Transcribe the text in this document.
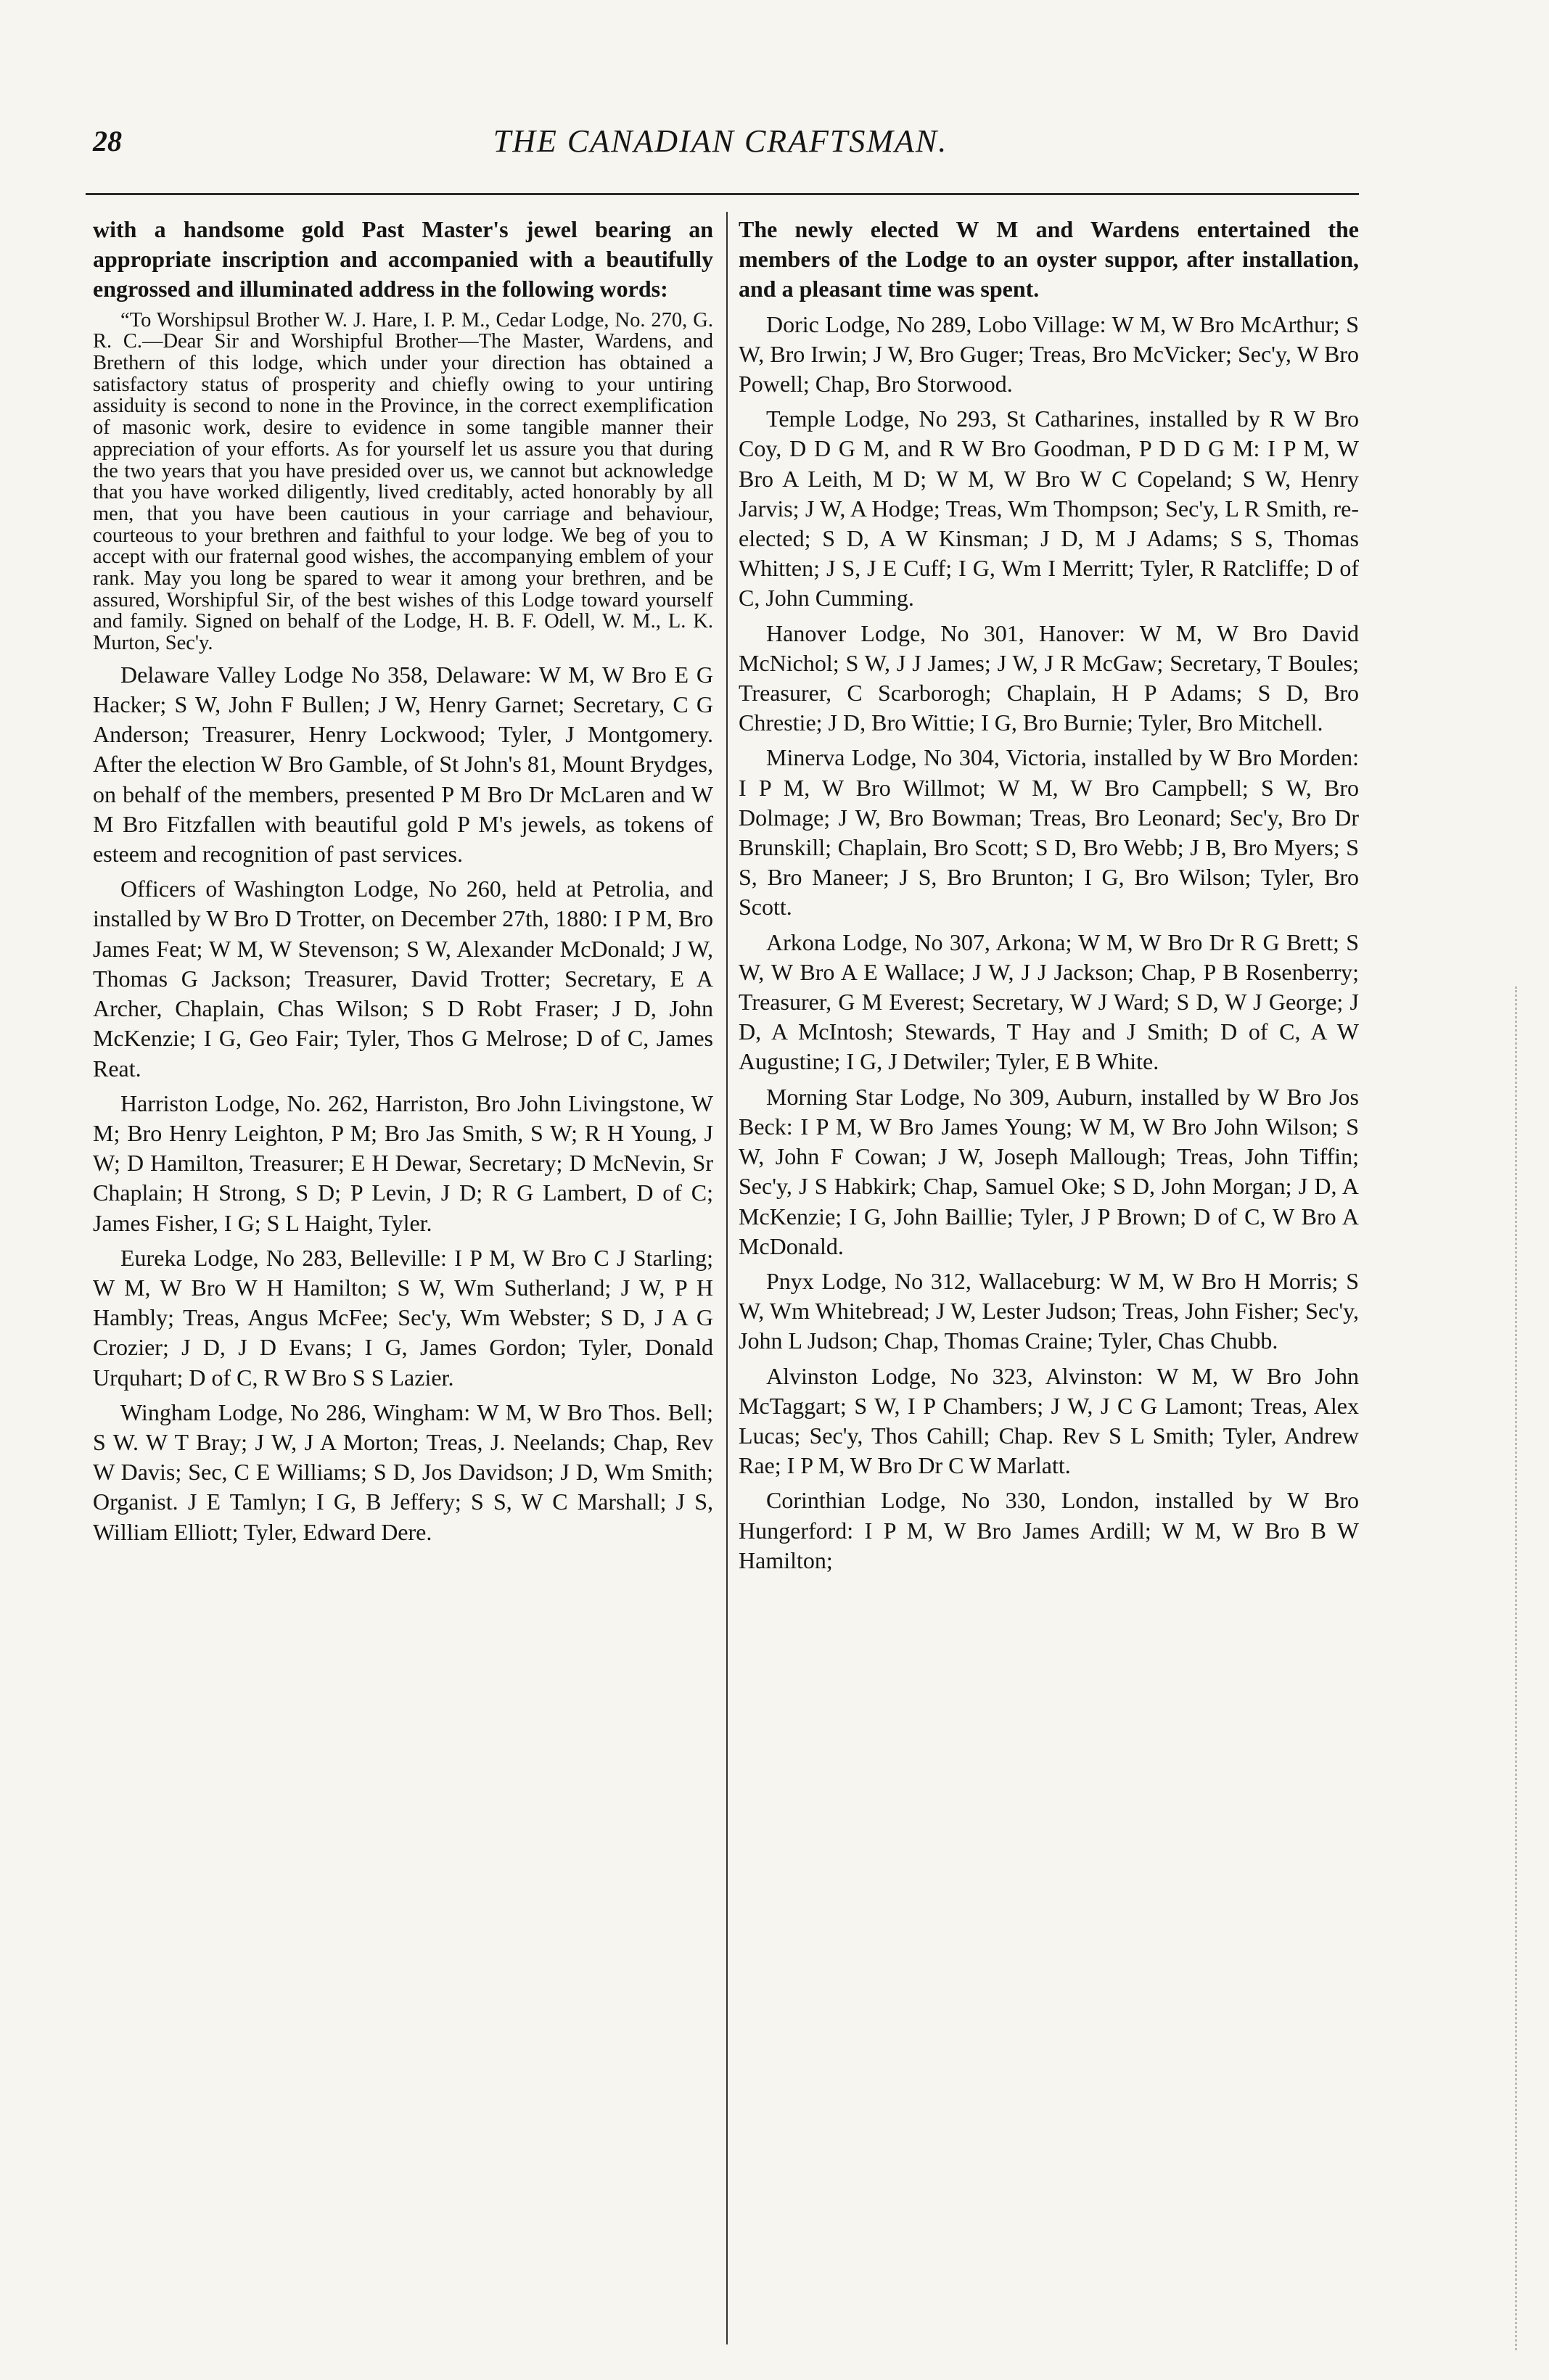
28	THE CANADIAN CRAFTSMAN.

with a handsome gold Past Master's jewel bearing an appropriate inscription and accompanied with a beautifully engrossed and illuminated address in the following words:

“To Worshipsul Brother W. J. Hare, I. P. M., Cedar Lodge, No. 270, G. R. C.—Dear Sir and Worshipful Brother—The Master, Wardens, and Brethern of this lodge, which under your direction has obtained a satisfactory status of prosperity and chiefly owing to your untiring assiduity is second to none in the Province, in the correct exemplification of masonic work, desire to evidence in some tangible manner their appreciation of your efforts. As for yourself let us assure you that during the two years that you have presided over us, we cannot but acknowledge that you have worked diligently, lived creditably, acted honorably by all men, that you have been cautious in your carriage and behaviour, courteous to your brethren and faithful to your lodge. We beg of you to accept with our fraternal good wishes, the accompanying emblem of your rank. May you long be spared to wear it among your brethren, and be assured, Worshipful Sir, of the best wishes of this Lodge toward yourself and family. Signed on behalf of the Lodge, H. B. F. Odell, W. M., L. K. Murton, Sec'y.

Delaware Valley Lodge No 358, Delaware: W M, W Bro E G Hacker; S W, John F Bullen; J W, Henry Garnet; Secretary, C G Anderson; Treasurer, Henry Lockwood; Tyler, J Montgomery. After the election W Bro Gamble, of St John's 81, Mount Brydges, on behalf of the members, presented P M Bro Dr McLaren and W M Bro Fitzfallen with beautiful gold P M's jewels, as tokens of esteem and recognition of past services.

Officers of Washington Lodge, No 260, held at Petrolia, and installed by W Bro D Trotter, on December 27th, 1880: I P M, Bro James Feat; W M, W Stevenson; S W, Alexander McDonald; J W, Thomas G Jackson; Treasurer, David Trotter; Secretary, E A Archer, Chaplain, Chas Wilson; S D Robt Fraser; J D, John McKenzie; I G, Geo Fair; Tyler, Thos G Melrose; D of C, James Reat.

Harriston Lodge, No. 262, Harriston, Bro John Livingstone, W M; Bro Henry Leighton, P M; Bro Jas Smith, S W; R H Young, J W; D Hamilton, Treasurer; E H Dewar, Secretary; D McNevin, Sr Chaplain; H Strong, S D; P Levin, J D; R G Lambert, D of C; James Fisher, I G; S L Haight, Tyler.

Eureka Lodge, No 283, Belleville: I P M, W Bro C J Starling; W M, W Bro W H Hamilton; S W, Wm Sutherland; J W, P H Hambly; Treas, Angus McFee; Sec'y, Wm Webster; S D, J A G Crozier; J D, J D Evans; I G, James Gordon; Tyler, Donald Urquhart; D of C, R W Bro S S Lazier.

Wingham Lodge, No 286, Wingham: W M, W Bro Thos. Bell; S W. W T Bray; J W, J A Morton; Treas, J. Neelands; Chap, Rev W Davis; Sec, C E Williams; S D, Jos Davidson; J D, Wm Smith; Organist. J E Tamlyn; I G, B Jeffery; S S, W C Marshall; J S, William Elliott; Tyler, Edward Dere.

The newly elected W M and Wardens entertained the members of the Lodge to an oyster suppor, after installation, and a pleasant time was spent.

Doric Lodge, No 289, Lobo Village: W M, W Bro McArthur; S W, Bro Irwin; J W, Bro Guger; Treas, Bro McVicker; Sec'y, W Bro Powell; Chap, Bro Storwood.

Temple Lodge, No 293, St Catharines, installed by R W Bro Coy, D D G M, and R W Bro Goodman, P D D G M: I P M, W Bro A Leith, M D; W M, W Bro W C Copeland; S W, Henry Jarvis; J W, A Hodge; Treas, Wm Thompson; Sec'y, L R Smith, re-elected; S D, A W Kinsman; J D, M J Adams; S S, Thomas Whitten; J S, J E Cuff; I G, Wm I Merritt; Tyler, R Ratcliffe; D of C, John Cumming.

Hanover Lodge, No 301, Hanover: W M, W Bro David McNichol; S W, J J James; J W, J R McGaw; Secretary, T Boules; Treasurer, C Scarborogh; Chaplain, H P Adams; S D, Bro Chrestie; J D, Bro Wittie; I G, Bro Burnie; Tyler, Bro Mitchell.

Minerva Lodge, No 304, Victoria, installed by W Bro Morden: I P M, W Bro Willmot; W M, W Bro Campbell; S W, Bro Dolmage; J W, Bro Bowman; Treas, Bro Leonard; Sec'y, Bro Dr Brunskill; Chaplain, Bro Scott; S D, Bro Webb; J B, Bro Myers; S S, Bro Maneer; J S, Bro Brunton; I G, Bro Wilson; Tyler, Bro Scott.

Arkona Lodge, No 307, Arkona; W M, W Bro Dr R G Brett; S W, W Bro A E Wallace; J W, J J Jackson; Chap, P B Rosenberry; Treasurer, G M Everest; Secretary, W J Ward; S D, W J George; J D, A McIntosh; Stewards, T Hay and J Smith; D of C, A W Augustine; I G, J Detwiler; Tyler, E B White.

Morning Star Lodge, No 309, Auburn, installed by W Bro Jos Beck: I P M, W Bro James Young; W M, W Bro John Wilson; S W, John F Cowan; J W, Joseph Mallough; Treas, John Tiffin; Sec'y, J S Habkirk; Chap, Samuel Oke; S D, John Morgan; J D, A McKenzie; I G, John Baillie; Tyler, J P Brown; D of C, W Bro A McDonald.

Pnyx Lodge, No 312, Wallaceburg: W M, W Bro H Morris; S W, Wm Whitebread; J W, Lester Judson; Treas, John Fisher; Sec'y, John L Judson; Chap, Thomas Craine; Tyler, Chas Chubb.

Alvinston Lodge, No 323, Alvinston: W M, W Bro John McTaggart; S W, I P Chambers; J W, J C G Lamont; Treas, Alex Lucas; Sec'y, Thos Cahill; Chap. Rev S L Smith; Tyler, Andrew Rae; I P M, W Bro Dr C W Marlatt.

Corinthian Lodge, No 330, London, installed by W Bro Hungerford: I P M, W Bro James Ardill; W M, W Bro B W Hamilton;
